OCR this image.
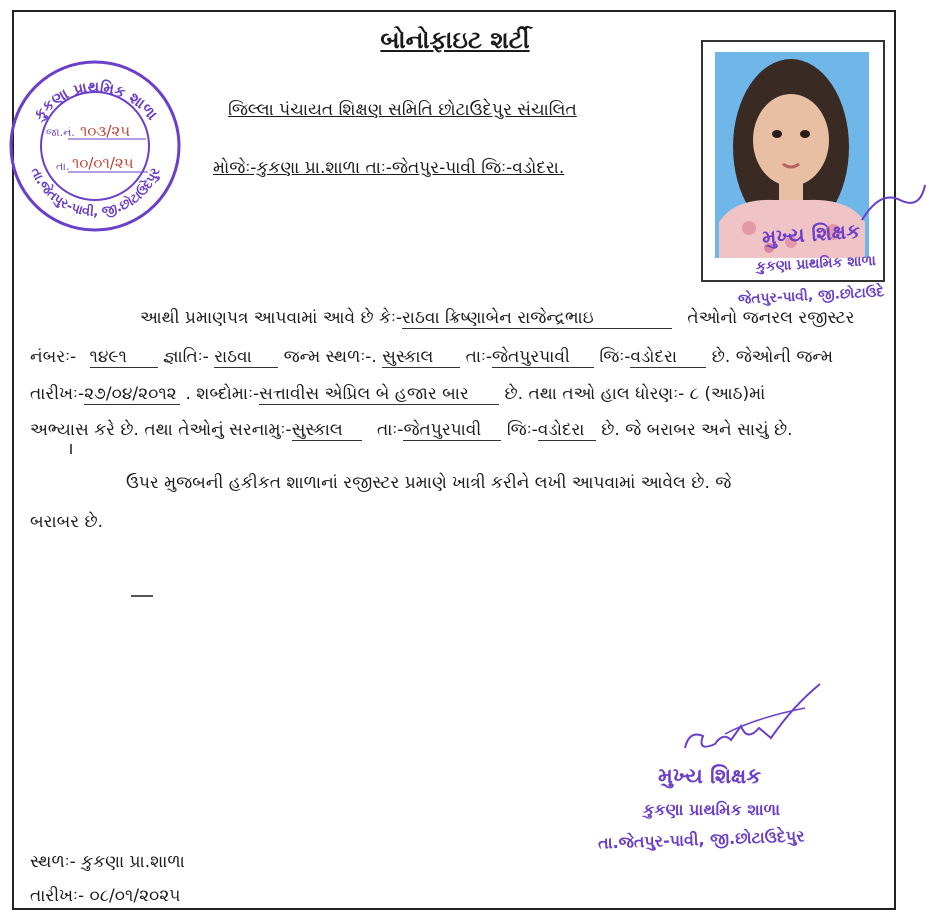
બોનોફાઇટ શર્ટી
જિલ્લા પંચાયત શિક્ષણ સમિતિ છોટાઉદેપુર સંચાલિત
મોજેઃ-કુકણા પ્રા.શાળા તાઃ-જેતપુર-પાવી જિઃ-વડોદરા.
કુકણા પ્રાથમિક શાળા
તા.જેતપુર-પાવી, જી.છોટાઉદેપુર
જા.નં. ૧૦૩/૨૫
તા. ૧૦/૦૧/૨૫
મુખ્ય શિક્ષક
કુકણા પ્રાથમિક શાળા
જેતપુર-પાવી, જી.છોટાઉદે
આથી પ્રમાણપત્ર આપવામાં આવે છે કેઃ-રાઠવા ક્રિષ્ણાબેન રાજેન્દ્રભાઇ	તેઓનો જનરલ રજીસ્ટર
નંબરઃ- ૧૪૯૧ જ્ઞાતિઃ- રાઠવા જન્મ સ્થળઃ-. સુસ્કાલ તાઃ-જેતપુરપાવી જિઃ-વડોદરા છે. જેઓની જન્મ
તારીખઃ-૨૭/૦૪/૨૦૧૨ . શબ્દોમાઃ-સત્તાવીસ એપ્રિલ બે હજાર બાર છે. તથા તઓ હાલ ધોરણઃ- ૮ (આઠ)માં
અભ્યાસ કરે છે. તથા તેઓનું સરનામુઃ-સુસ્કાલ તાઃ-જેતપુરપાવી જિઃ-વડોદરા છે. જે બરાબર અને સાચું છે.
ઉપર મુજબની હકીકત શાળાનાં રજીસ્ટર પ્રમાણે ખાત્રી કરીને લખી આપવામાં આવેલ છે. જે
બરાબર છે.
મુખ્ય શિક્ષક
કુકણા પ્રાથમિક શાળા
તા.જેતપુર-પાવી, જી.છોટાઉદેપુર
સ્થળઃ- કુકણા પ્રા.શાળા
તારીખઃ- ૦૮/૦૧/૨૦૨૫
